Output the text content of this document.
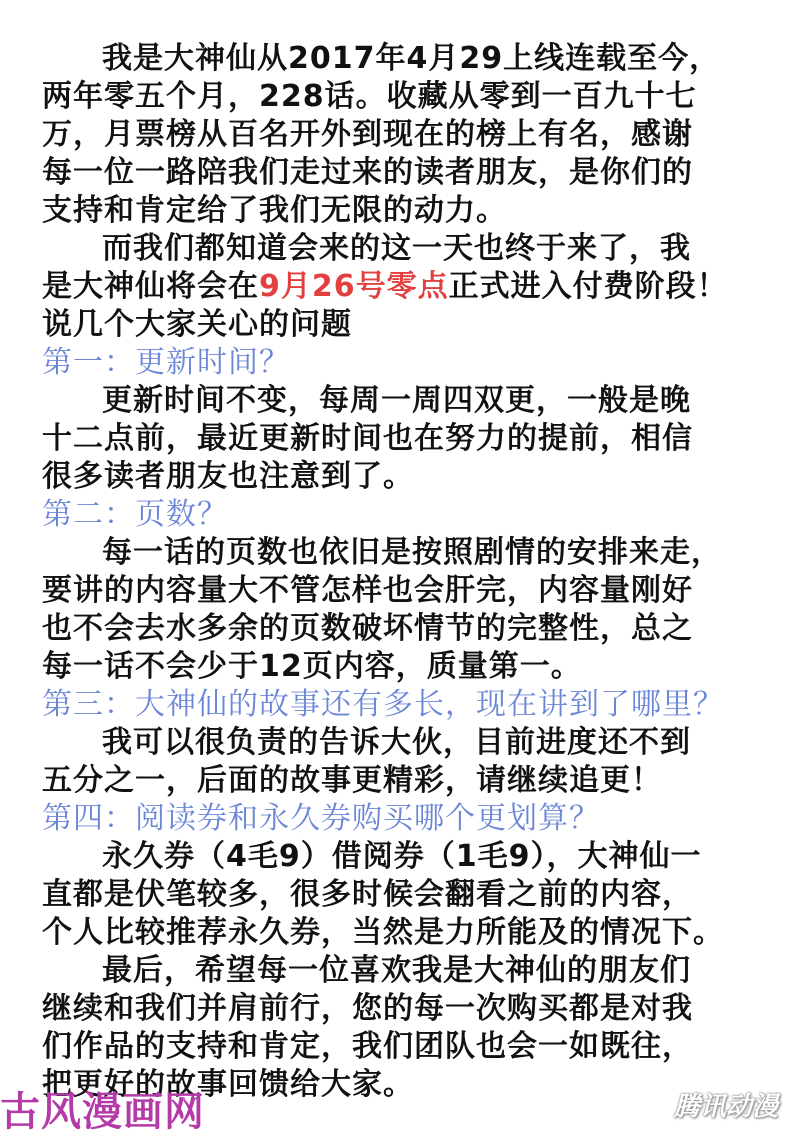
我是大神仙从2017年4月29上线连载至今，
两年零五个月，228话。收藏从零到一百九十七
万，月票榜从百名开外到现在的榜上有名，感谢
每一位一路陪我们走过来的读者朋友，是你们的
支持和肯定给了我们无限的动力。
而我们都知道会来的这一天也终于来了，我
是大神仙将会在9月26号零点正式进入付费阶段！
说几个大家关心的问题
第一：更新时间？
更新时间不变，每周一周四双更，一般是晚
十二点前，最近更新时间也在努力的提前，相信
很多读者朋友也注意到了。
第二：页数？
每一话的页数也依旧是按照剧情的安排来走，
要讲的内容量大不管怎样也会肝完，内容量刚好
也不会去水多余的页数破坏情节的完整性，总之
每一话不会少于12页内容，质量第一。
第三：大神仙的故事还有多长，现在讲到了哪里？
我可以很负责的告诉大伙，目前进度还不到
五分之一，后面的故事更精彩，请继续追更！
第四：阅读券和永久券购买哪个更划算？
永久券（4毛9）借阅券（1毛9），大神仙一
直都是伏笔较多，很多时候会翻看之前的内容，
个人比较推荐永久券，当然是力所能及的情况下。
最后，希望每一位喜欢我是大神仙的朋友们
继续和我们并肩前行，您的每一次购买都是对我
们作品的支持和肯定，我们团队也会一如既往，
把更好的故事回馈给大家。
古风漫画网	腾讯动漫
